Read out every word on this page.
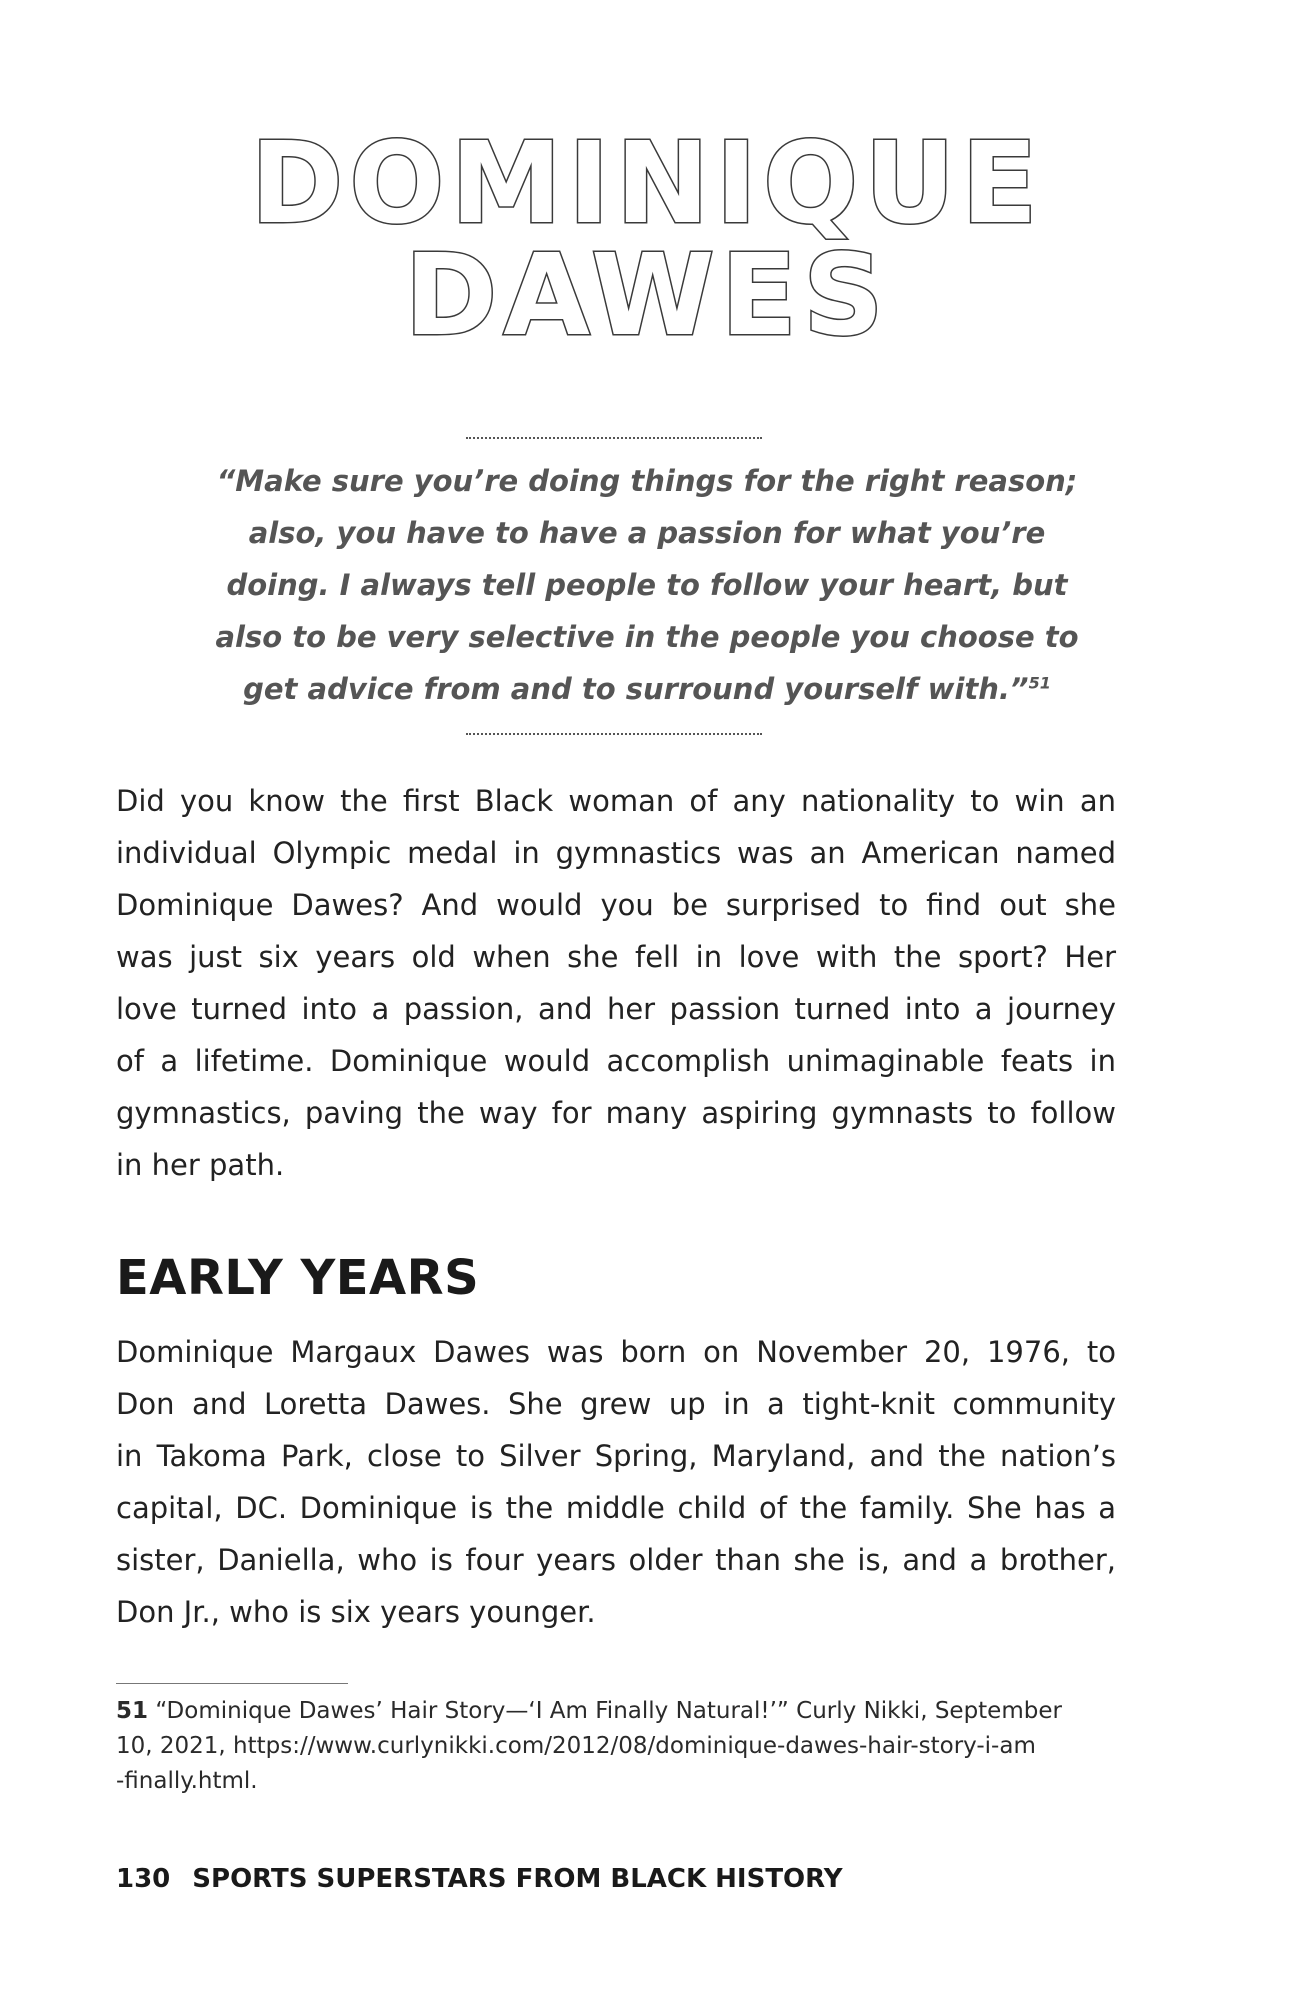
DOMINIQUE
DAWES

“Make sure you’re doing things for the right reason;
also, you have to have a passion for what you’re
doing. I always tell people to follow your heart, but
also to be very selective in the people you choose to
get advice from and to surround yourself with.”$^{51}$

Did you know the first Black woman of any nationality to win an
individual Olympic medal in gymnastics was an American named
Dominique Dawes? And would you be surprised to find out she
was just six years old when she fell in love with the sport? Her
love turned into a passion, and her passion turned into a journey
of a lifetime. Dominique would accomplish unimaginable feats in
gymnastics, paving the way for many aspiring gymnasts to follow
in her path.

EARLY YEARS

Dominique Margaux Dawes was born on November 20, 1976, to
Don and Loretta Dawes. She grew up in a tight-knit community
in Takoma Park, close to Silver Spring, Maryland, and the nation’s
capital, DC. Dominique is the middle child of the family. She has a
sister, Daniella, who is four years older than she is, and a brother,
Don Jr., who is six years younger.

51 “Dominique Dawes’ Hair Story—‘I Am Finally Natural!’” Curly Nikki, September
10, 2021, https://www.curlynikki.com/2012/08/dominique-dawes-hair-story-i-am
-finally.html.

130 SPORTS SUPERSTARS FROM BLACK HISTORY
